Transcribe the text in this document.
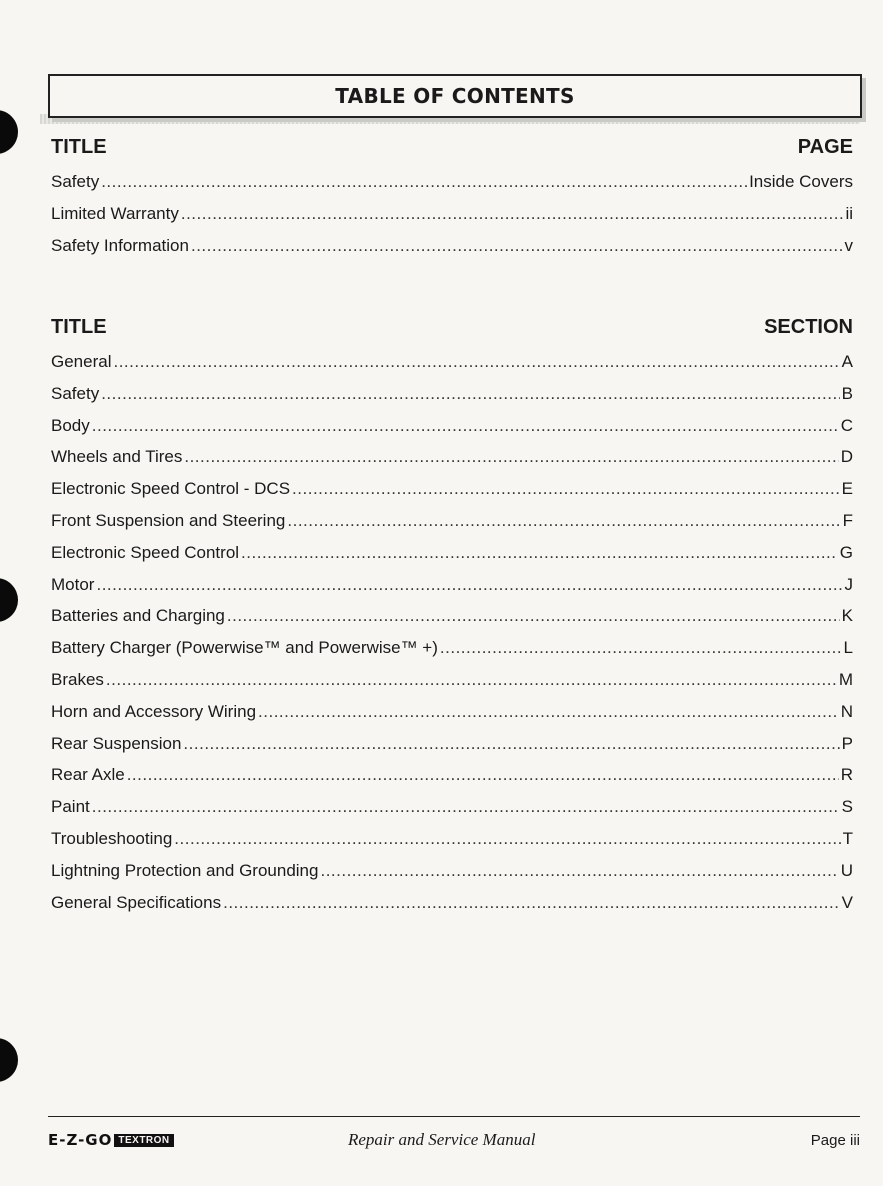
TABLE OF CONTENTS
TITLE	PAGE
Safety .....	Inside Covers
Limited Warranty .....	ii
Safety Information .....	v
TITLE	SECTION
General .....	A
Safety .....	B
Body .....	C
Wheels and Tires .....	D
Electronic Speed Control - DCS .....	E
Front Suspension and Steering .....	F
Electronic Speed Control .....	G
Motor .....	J
Batteries and Charging .....	K
Battery Charger (Powerwise™ and Powerwise™ +) .....	L
Brakes .....	M
Horn and Accessory Wiring .....	N
Rear Suspension .....	P
Rear Axle .....	R
Paint .....	S
Troubleshooting .....	T
Lightning Protection and Grounding .....	U
General Specifications .....	V
E-Z-GO TEXTRON	Repair and Service Manual	Page iii
